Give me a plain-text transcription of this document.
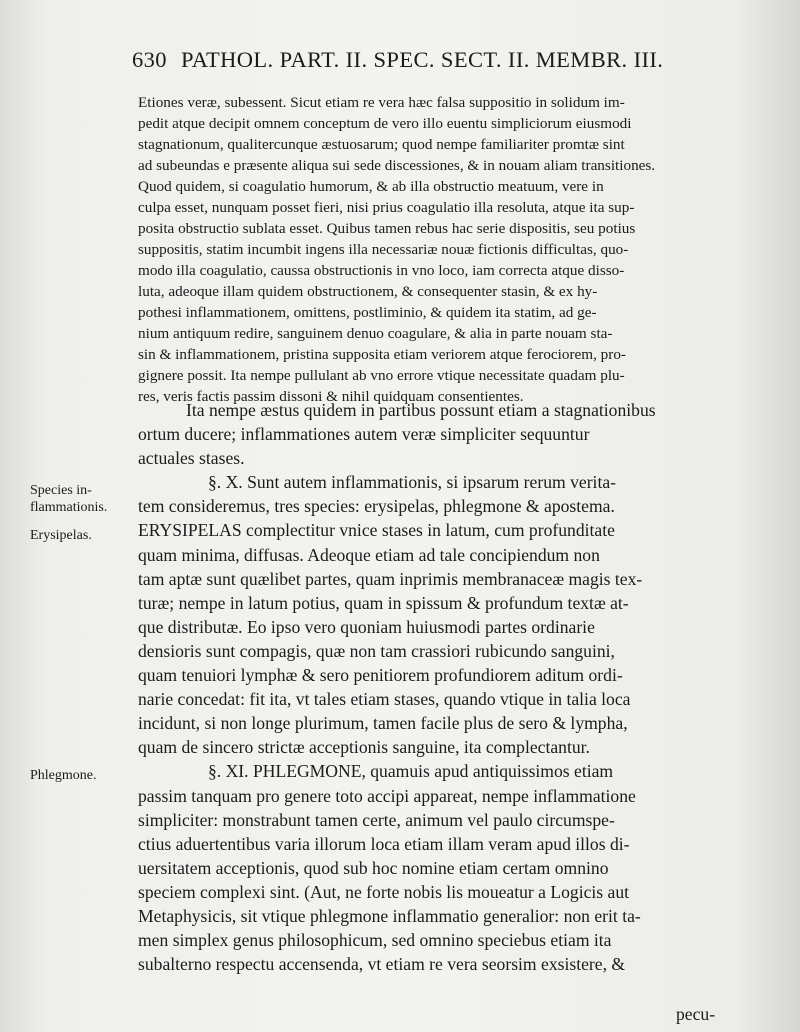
630 PATHOL. PART. II. SPEC. SECT. II. MEMBR. III.
Etiones veræ, subessent. Sicut etiam re vera hæc falsa suppositio in solidum im-
pedit atque decipit omnem conceptum de vero illo euentu simpliciorum eiusmodi
stagnationum, qualitercunque æstuosarum; quod nempe familiariter promtæ sint
ad subeundas e præsente aliqua sui sede discessiones, & in nouam aliam transitiones.
Quod quidem, si coagulatio humorum, & ab illa obstructio meatuum, vere in
culpa esset, nunquam posset fieri, nisi prius coagulatio illa resoluta, atque ita sup-
posita obstructio sublata esset. Quibus tamen rebus hac serie dispositis, seu potius
suppositis, statim incumbit ingens illa necessariæ nouæ fictionis difficultas, quo-
modo illa coagulatio, caussa obstructionis in vno loco, iam correcta atque disso-
luta, adeoque illam quidem obstructionem, & consequenter stasin, & ex hy-
pothesi inflammationem, omittens, postliminio, & quidem ita statim, ad ge-
nium antiquum redire, sanguinem denuo coagulare, & alia in parte nouam sta-
sin & inflammationem, pristina supposita etiam veriorem atque ferociorem, pro-
gignere possit. Ita nempe pullulant ab vno errore vtique necessitate quadam plu-
res, veris factis passim dissoni & nihil quidquam consentientes.
Ita nempe æstus quidem in partibus possunt etiam a stagnationibus
ortum ducere; inflammationes autem veræ simpliciter sequuntur
actuales stases.
§. X. Sunt autem inflammationis, si ipsarum rerum verita-
tem consideremus, tres species: erysipelas, phlegmone & apostema.
ERYSIPELAS complectitur vnice stases in latum, cum profunditate
quam minima, diffusas. Adeoque etiam ad tale concipiendum non
tam aptæ sunt quælibet partes, quam inprimis membranaceæ magis tex-
turæ; nempe in latum potius, quam in spissum & profundum textæ at-
que distributæ. Eo ipso vero quoniam huiusmodi partes ordinarie
densioris sunt compagis, quæ non tam crassiori rubicundo sanguini,
quam tenuiori lymphæ & sero penitiorem profundiorem aditum ordi-
narie concedat: fit ita, vt tales etiam stases, quando vtique in talia loca
incidunt, si non longe plurimum, tamen facile plus de sero & lympha,
quam de sincero strictæ acceptionis sanguine, ita complectantur.
§. XI. PHLEGMONE, quamuis apud antiquissimos etiam
passim tanquam pro genere toto accipi appareat, nempe inflammatione
simpliciter: monstrabunt tamen certe, animum vel paulo circumspe-
ctius aduertentibus varia illorum loca etiam illam veram apud illos di-
uersitatem acceptionis, quod sub hoc nomine etiam certam omnino
speciem complexi sint. (Aut, ne forte nobis lis moueatur a Logicis aut
Metaphysicis, sit vtique phlegmone inflammatio generalior: non erit ta-
men simplex genus philosophicum, sed omnino speciebus etiam ita
subalterno respectu accensenda, vt etiam re vera seorsim exsistere, &
Species in-
flammationis.
Erysipelas.
Phlegmone.
pecu-
